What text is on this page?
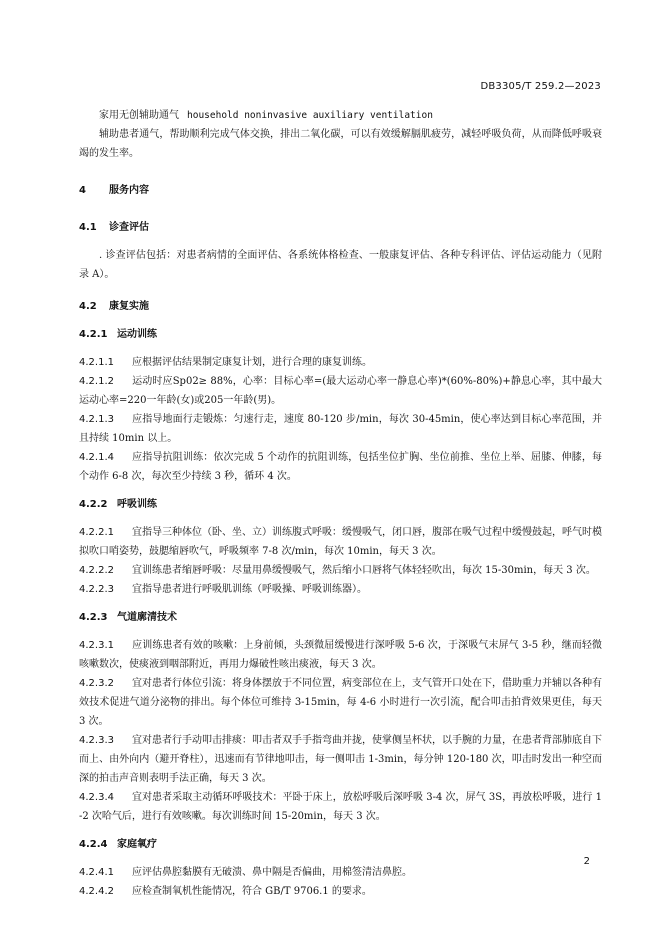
DB3305/T 259.2—2023

家用无创辅助通气 household noninvasive auxiliary ventilation

辅助患者通气，帮助顺利完成气体交换，排出二氧化碳，可以有效缓解膈肌疲劳，减轻呼吸负荷，从而降低呼吸衰竭的发生率。

4 服务内容

4.1 诊查评估

. 诊查评估包括：对患者病情的全面评估、各系统体格检查、一般康复评估、各种专科评估、评估运动能力（见附录 A）。

4.2 康复实施

4.2.1 运动训练

4.2.1.1 应根据评估结果制定康复计划，进行合理的康复训练。

4.2.1.2 运动时应Sp02≥ 88%，心率：目标心率=(最大运动心率一静息心率)*(60%-80%)+静息心率，其中最大运动心率=220一年龄(女)或205一年龄(男)。

4.2.1.3 应指导地面行走锻炼：匀速行走，速度 80-120 步/min，每次 30-45min，使心率达到目标心率范围，并且持续 10min 以上。

4.2.1.4 应指导抗阻训练：依次完成 5 个动作的抗阻训练，包括坐位扩胸、坐位前推、坐位上举、屈膝、伸膝，每个动作 6-8 次，每次至少持续 3 秒，循环 4 次。

4.2.2 呼吸训练

4.2.2.1 宜指导三种体位（卧、坐、立）训练腹式呼吸：缓慢吸气，闭口唇，腹部在吸气过程中缓慢鼓起，呼气时模拟吹口哨姿势，鼓腮缩唇吹气，呼吸频率 7-8 次/min，每次 10min，每天 3 次。

4.2.2.2 宜训练患者缩唇呼吸：尽量用鼻缓慢吸气，然后缩小口唇将气体轻轻吹出，每次 15-30min，每天 3 次。

4.2.2.3 宜指导患者进行呼吸肌训练（呼吸操、呼吸训练器）。

4.2.3 气道廓清技术

4.2.3.1 应训练患者有效的咳嗽：上身前倾，头颈微屈缓慢进行深呼吸 5-6 次，于深吸气末屏气 3-5 秒，继而轻微咳嗽数次，使痰液到咽部附近，再用力爆破性咳出痰液，每天 3 次。

4.2.3.2 宜对患者行体位引流：将身体摆放于不同位置，病变部位在上，支气管开口处在下，借助重力并辅以各种有效技术促进气道分泌物的排出。每个体位可维持 3-15min，每 4-6 小时进行一次引流，配合叩击拍背效果更佳，每天 3 次。

4.2.3.3 宜对患者行手动叩击排痰：叩击者双手手指弯曲并拢，使掌侧呈杯状，以手腕的力量，在患者背部肺底自下而上、由外向内（避开脊柱），迅速而有节律地叩击，每一侧叩击 1-3min，每分钟 120-180 次，叩击时发出一种空而深的拍击声音则表明手法正确，每天 3 次。

4.2.3.4 宜对患者采取主动循环呼吸技术：平卧于床上，放松呼吸后深呼吸 3-4 次，屏气 3S，再放松呼吸，进行 1-2 次哈气后，进行有效咳嗽。每次训练时间 15-20min，每天 3 次。

4.2.4 家庭氧疗

4.2.4.1 应评估鼻腔黏膜有无破溃、鼻中隔是否偏曲，用棉签清洁鼻腔。

4.2.4.2 应检查制氧机性能情况，符合 GB/T 9706.1 的要求。

2
